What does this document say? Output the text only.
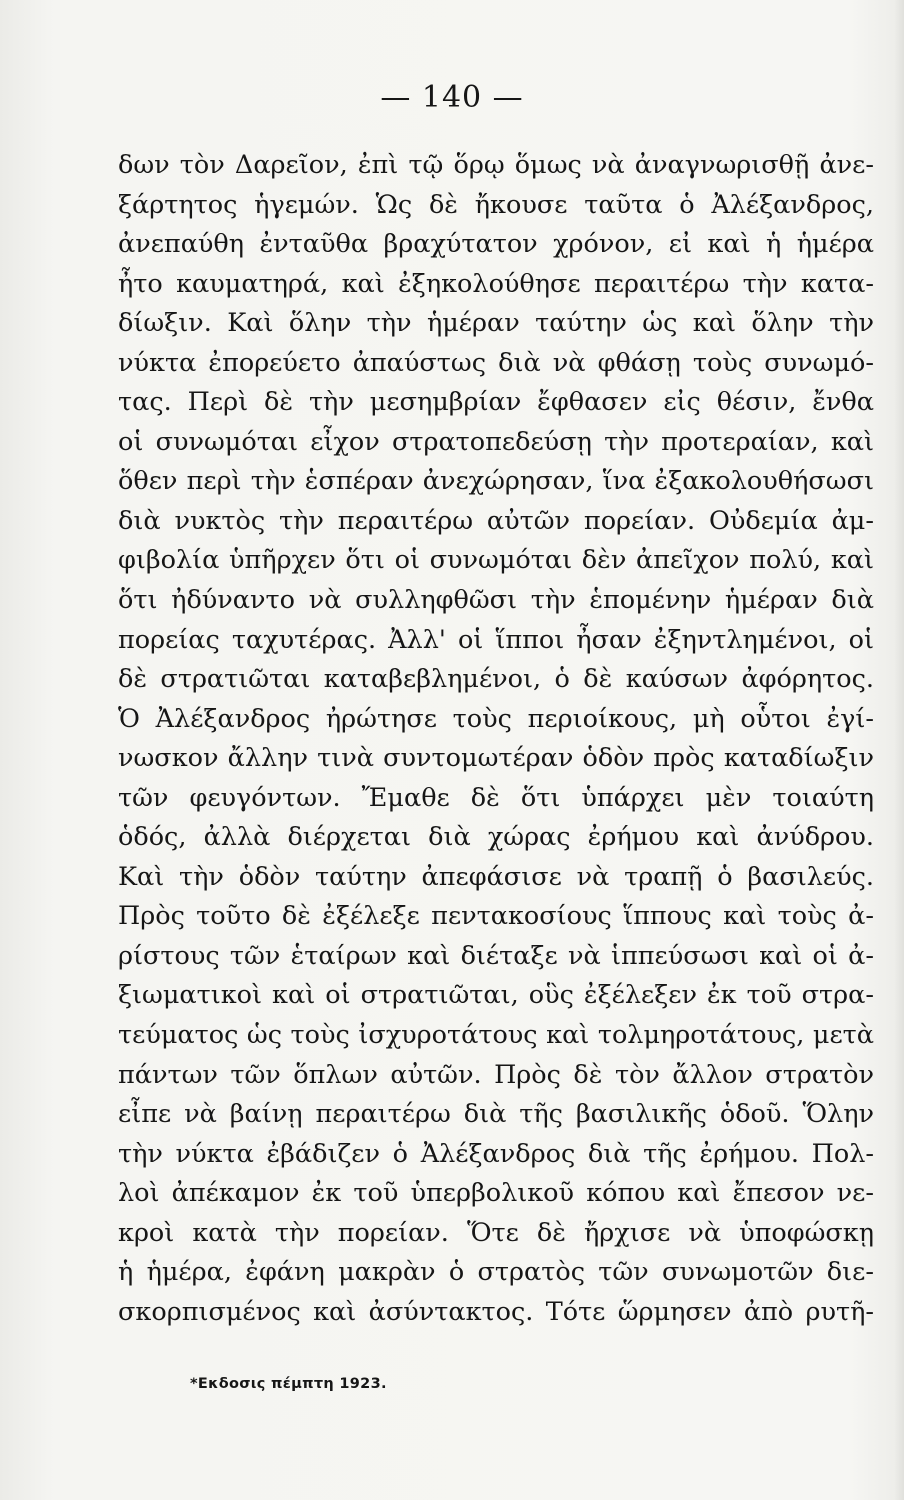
— 140 —
δων τὸν Δαρεῖον, ἐπὶ τῷ ὅρῳ ὅμως νὰ ἀναγνωρισθῇ ἀνε-
ξάρτητος ἡγεμών. Ὡς δὲ ἤκουσε ταῦτα ὁ Ἀλέξανδρος,
ἀνεπαύθη ἐνταῦθα βραχύτατον χρόνον, εἰ καὶ ἡ ἡμέρα
ἦτο καυματηρά, καὶ ἐξηκολούθησε περαιτέρω τὴν κατα-
δίωξιν. Καὶ ὅλην τὴν ἡμέραν ταύτην ὡς καὶ ὅλην τὴν
νύκτα ἐπορεύετο ἀπαύστως διὰ νὰ φθάσῃ τοὺς συνωμό-
τας. Περὶ δὲ τὴν μεσημβρίαν ἔφθασεν εἰς θέσιν, ἔνθα
οἱ συνωμόται εἶχον στρατοπεδεύσῃ τὴν προτεραίαν, καὶ
ὅθεν περὶ τὴν ἑσπέραν ἀνεχώρησαν, ἵνα ἐξακολουθήσωσι
διὰ νυκτὸς τὴν περαιτέρω αὐτῶν πορείαν. Οὐδεμία ἀμ-
φιβολία ὑπῆρχεν ὅτι οἱ συνωμόται δὲν ἀπεῖχον πολύ, καὶ
ὅτι ἠδύναντο νὰ συλληφθῶσι τὴν ἑπομένην ἡμέραν διὰ
πορείας ταχυτέρας. Ἀλλ' οἱ ἵπποι ἦσαν ἐξηντλημένοι, οἱ
δὲ στρατιῶται καταβεβλημένοι, ὁ δὲ καύσων ἀφόρητος.
Ὁ Ἀλέξανδρος ἠρώτησε τοὺς περιοίκους, μὴ οὗτοι ἐγί-
νωσκον ἄλλην τινὰ συντομωτέραν ὁδὸν πρὸς καταδίωξιν
τῶν φευγόντων. Ἔμαθε δὲ ὅτι ὑπάρχει μὲν τοιαύτη
ὁδός, ἀλλὰ διέρχεται διὰ χώρας ἐρήμου καὶ ἀνύδρου.
Καὶ τὴν ὁδὸν ταύτην ἀπεφάσισε νὰ τραπῇ ὁ βασιλεύς.
Πρὸς τοῦτο δὲ ἐξέλεξε πεντακοσίους ἵππους καὶ τοὺς ἀ-
ρίστους τῶν ἑταίρων καὶ διέταξε νὰ ἱππεύσωσι καὶ οἱ ἀ-
ξιωματικοὶ καὶ οἱ στρατιῶται, οὓς ἐξέλεξεν ἐκ τοῦ στρα-
τεύματος ὡς τοὺς ἰσχυροτάτους καὶ τολμηροτάτους, μετὰ
πάντων τῶν ὅπλων αὐτῶν. Πρὸς δὲ τὸν ἄλλον στρατὸν
εἶπε νὰ βαίνῃ περαιτέρω διὰ τῆς βασιλικῆς ὁδοῦ. Ὅλην
τὴν νύκτα ἐβάδιζεν ὁ Ἀλέξανδρος διὰ τῆς ἐρήμου. Πολ-
λοὶ ἀπέκαμον ἐκ τοῦ ὑπερβολικοῦ κόπου καὶ ἔπεσον νε-
κροὶ κατὰ τὴν πορείαν. Ὅτε δὲ ἤρχισε νὰ ὑποφώσκῃ
ἡ ἡμέρα, ἐφάνη μακρὰν ὁ στρατὸς τῶν συνωμοτῶν διε-
σκορπισμένος καὶ ἀσύντακτος. Τότε ὥρμησεν ἀπὸ ρυτῆ-
*Εκδοσις πέμπτη 1923.
